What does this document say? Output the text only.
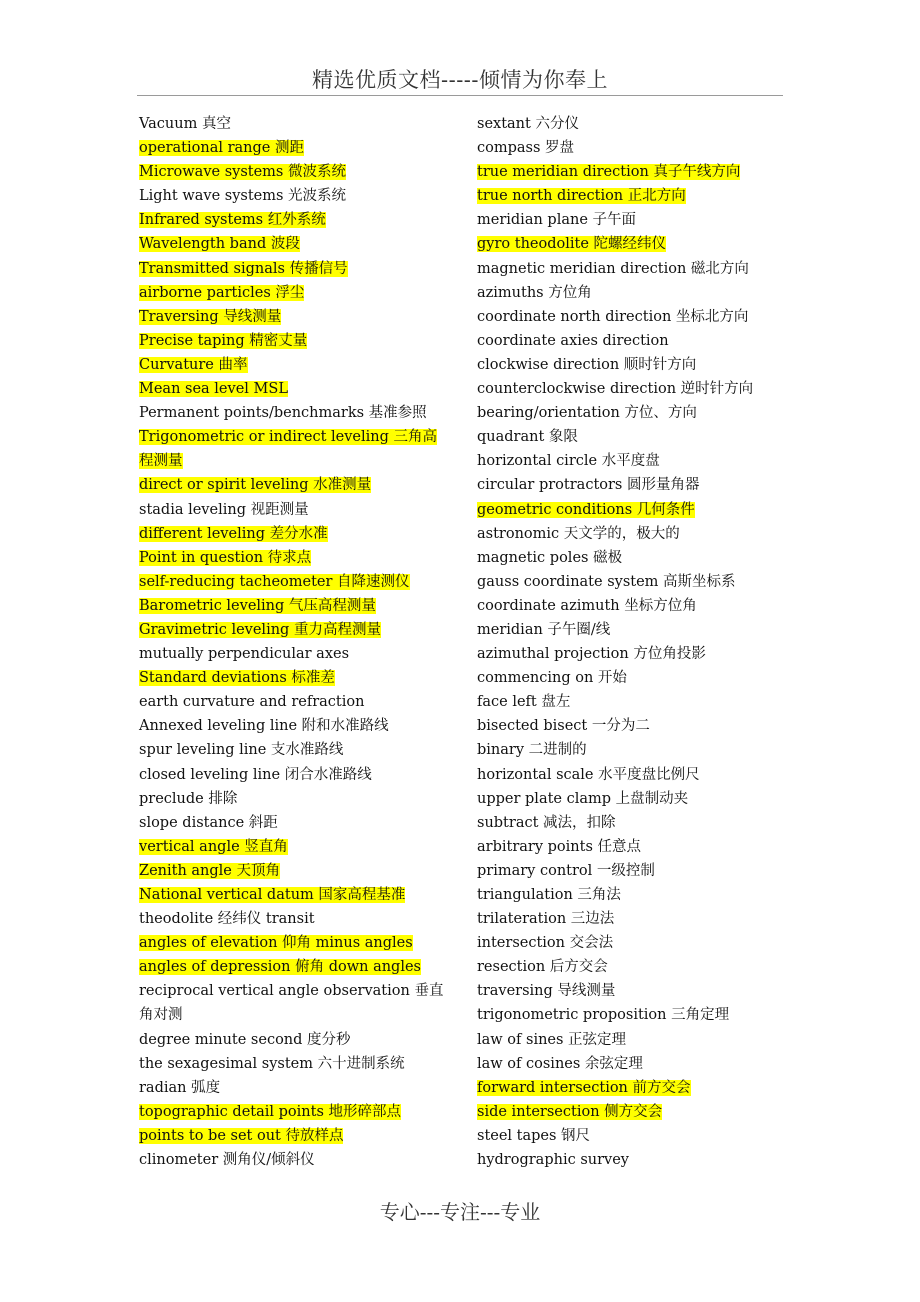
精选优质文档-----倾情为你奉上
Vacuum 真空
operational range 测距
Microwave systems 微波系统
Light wave systems 光波系统
Infrared systems 红外系统
Wavelength band 波段
Transmitted signals 传播信号
airborne particles 浮尘
Traversing 导线测量
Precise taping 精密丈量
Curvature 曲率
Mean sea level MSL
Permanent points/benchmarks 基准参照
Trigonometric or indirect leveling 三角高程测量
direct or spirit leveling 水准测量
stadia leveling 视距测量
different leveling 差分水准
Point in question 待求点
self-reducing tacheometer 自降速测仪
Barometric leveling 气压高程测量
Gravimetric leveling 重力高程测量
mutually perpendicular axes
Standard deviations 标准差
earth curvature and refraction
Annexed leveling line 附和水准路线
spur leveling line 支水准路线
closed leveling line 闭合水准路线
preclude 排除
slope distance 斜距
vertical angle 竖直角
Zenith angle 天顶角
National vertical datum 国家高程基准
theodolite 经纬仪 transit
angles of elevation 仰角 minus angles
angles of depression 俯角 down angles
reciprocal vertical angle observation 垂直角对测
degree minute second 度分秒
the sexagesimal system 六十进制系统
radian 弧度
topographic detail points 地形碎部点
points to be set out 待放样点
clinometer 测角仪/倾斜仪
sextant 六分仪
compass 罗盘
true meridian direction 真子午线方向
true north direction 正北方向
meridian plane 子午面
gyro theodolite 陀螺经纬仪
magnetic meridian direction 磁北方向
azimuths 方位角
coordinate north direction 坐标北方向
coordinate axies direction
clockwise direction 顺时针方向
counterclockwise direction 逆时针方向
bearing/orientation 方位、方向
quadrant 象限
horizontal circle 水平度盘
circular protractors 圆形量角器
geometric conditions 几何条件
astronomic 天文学的，极大的
magnetic poles 磁极
gauss coordinate system 高斯坐标系
coordinate azimuth 坐标方位角
meridian 子午圈/线
azimuthal projection 方位角投影
commencing on 开始
face left 盘左
bisected bisect 一分为二
binary 二进制的
horizontal scale 水平度盘比例尺
upper plate clamp 上盘制动夹
subtract 减法，扣除
arbitrary points 任意点
primary control 一级控制
triangulation 三角法
trilateration 三边法
intersection 交会法
resection 后方交会
traversing 导线测量
trigonometric proposition 三角定理
law of sines 正弦定理
law of cosines 余弦定理
forward intersection 前方交会
side intersection 侧方交会
steel tapes 钢尺
hydrographic survey
专心---专注---专业
